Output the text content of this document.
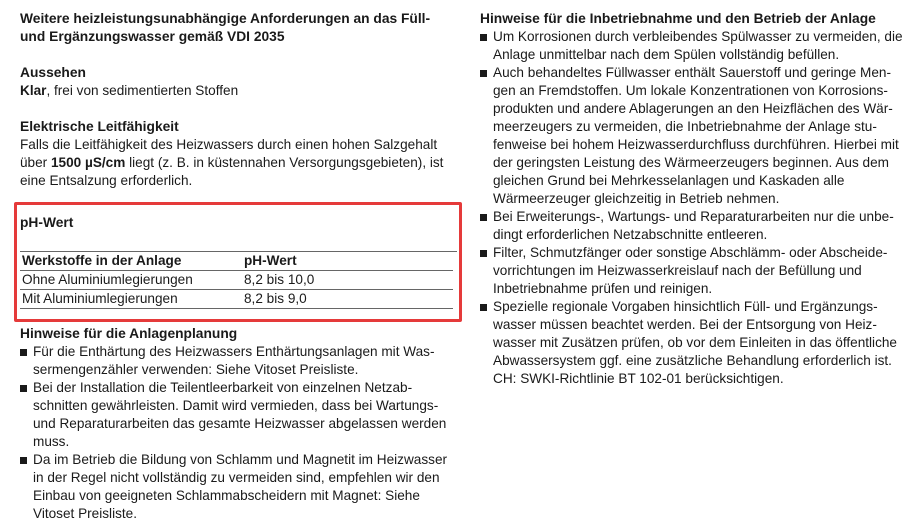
Weitere heizleistungsunabhängige Anforderungen an das Füll- und Ergänzungswasser gemäß VDI 2035
Aussehen

Klar, frei von sedimentierten Stoffen

Elektrische Leitfähigkeit

Falls die Leitfähigkeit des Heizwassers durch einen hohen Salzgehalt über 1500 µS/cm liegt (z. B. in küstennahen Versorgungsgebieten), ist eine Entsalzung erforderlich.

pH-Wert
Werkstoffe in der Anlage	pH-Wert
Ohne Aluminiumlegierungen	8,2 bis 10,0
Mit Aluminiumlegierungen	8,2 bis 9,0
Hinweise für die Anlagenplanung
Für die Enthärtung des Heizwassers Enthärtungsanlagen mit Wassermengenzähler verwenden: Siehe Vitoset Preisliste.
Bei der Installation die Teilentleerbarkeit von einzelnen Netzabschnitten gewährleisten. Damit wird vermieden, dass bei Wartungs- und Reparaturarbeiten das gesamte Heizwasser abgelassen werden muss.
Da im Betrieb die Bildung von Schlamm und Magnetit im Heizwasser in der Regel nicht vollständig zu vermeiden sind, empfehlen wir den Einbau von geeigneten Schlammabscheidern mit Magnet: Siehe Vitoset Preisliste.
Hinweise für die Inbetriebnahme und den Betrieb der Anlage
Um Korrosionen durch verbleibendes Spülwasser zu vermeiden, die Anlage unmittelbar nach dem Spülen vollständig befüllen.
Auch behandeltes Füllwasser enthält Sauerstoff und geringe Mengen an Fremdstoffen. Um lokale Konzentrationen von Korrosionsprodukten und andere Ablagerungen an den Heizflächen des Wärmeerzeugers zu vermeiden, die Inbetriebnahme der Anlage stufenweise bei hohem Heizwasserdurchfluss durchführen. Hierbei mit der geringsten Leistung des Wärmeerzeugers beginnen. Aus dem gleichen Grund bei Mehrkesselanlagen und Kaskaden alle Wärmeerzeuger gleichzeitig in Betrieb nehmen.
Bei Erweiterungs-, Wartungs- und Reparaturarbeiten nur die unbedingt erforderlichen Netzabschnitte entleeren.
Filter, Schmutzfänger oder sonstige Abschlämm- oder Abscheidevorrichtungen im Heizwasserkreislauf nach der Befüllung und Inbetriebnahme prüfen und reinigen.
Spezielle regionale Vorgaben hinsichtlich Füll- und Ergänzungswasser müssen beachtet werden. Bei der Entsorgung von Heizwasser mit Zusätzen prüfen, ob vor dem Einleiten in das öffentliche Abwassersystem ggf. eine zusätzliche Behandlung erforderlich ist.

CH: SWKI-Richtlinie BT 102-01 berücksichtigen.
